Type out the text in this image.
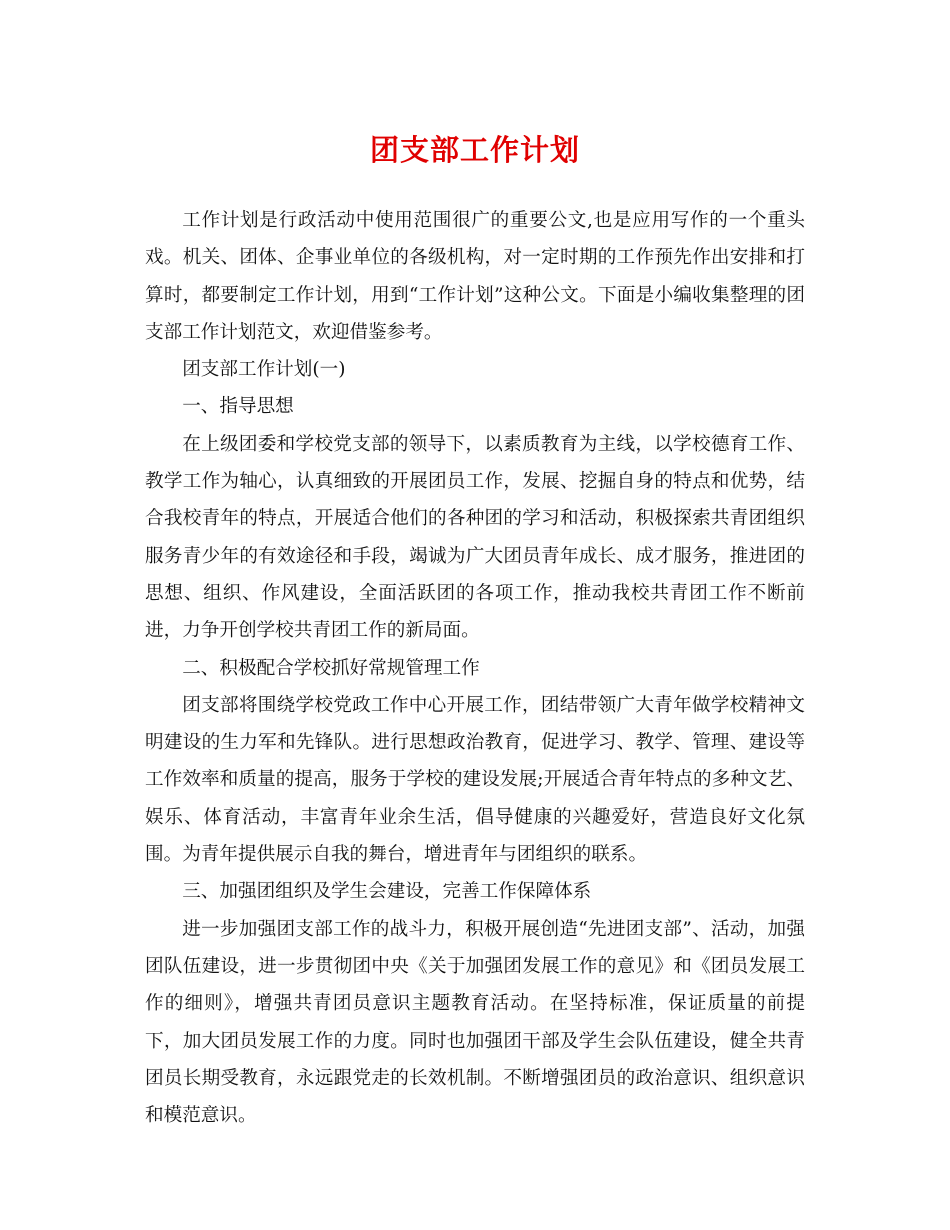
团支部工作计划

工作计划是行政活动中使用范围很广的重要公文,也是应用写作的一个重头戏。机关、团体、企事业单位的各级机构，对一定时期的工作预先作出安排和打算时，都要制定工作计划，用到“工作计划”这种公文。下面是小编收集整理的团支部工作计划范文，欢迎借鉴参考。

团支部工作计划(一)

一、指导思想

在上级团委和学校党支部的领导下，以素质教育为主线，以学校德育工作、教学工作为轴心，认真细致的开展团员工作，发展、挖掘自身的特点和优势，结合我校青年的特点，开展适合他们的各种团的学习和活动，积极探索共青团组织服务青少年的有效途径和手段，竭诚为广大团员青年成长、成才服务，推进团的思想、组织、作风建设，全面活跃团的各项工作，推动我校共青团工作不断前进，力争开创学校共青团工作的新局面。

二、积极配合学校抓好常规管理工作

团支部将围绕学校党政工作中心开展工作，团结带领广大青年做学校精神文明建设的生力军和先锋队。进行思想政治教育，促进学习、教学、管理、建设等工作效率和质量的提高，服务于学校的建设发展;开展适合青年特点的多种文艺、娱乐、体育活动，丰富青年业余生活，倡导健康的兴趣爱好，营造良好文化氛围。为青年提供展示自我的舞台，增进青年与团组织的联系。

三、加强团组织及学生会建设，完善工作保障体系

进一步加强团支部工作的战斗力，积极开展创造“先进团支部”、活动，加强团队伍建设，进一步贯彻团中央《关于加强团发展工作的意见》和《团员发展工作的细则》，增强共青团员意识主题教育活动。在坚持标准，保证质量的前提下，加大团员发展工作的力度。同时也加强团干部及学生会队伍建设，健全共青团员长期受教育，永远跟党走的长效机制。不断增强团员的政治意识、组织意识和模范意识。
